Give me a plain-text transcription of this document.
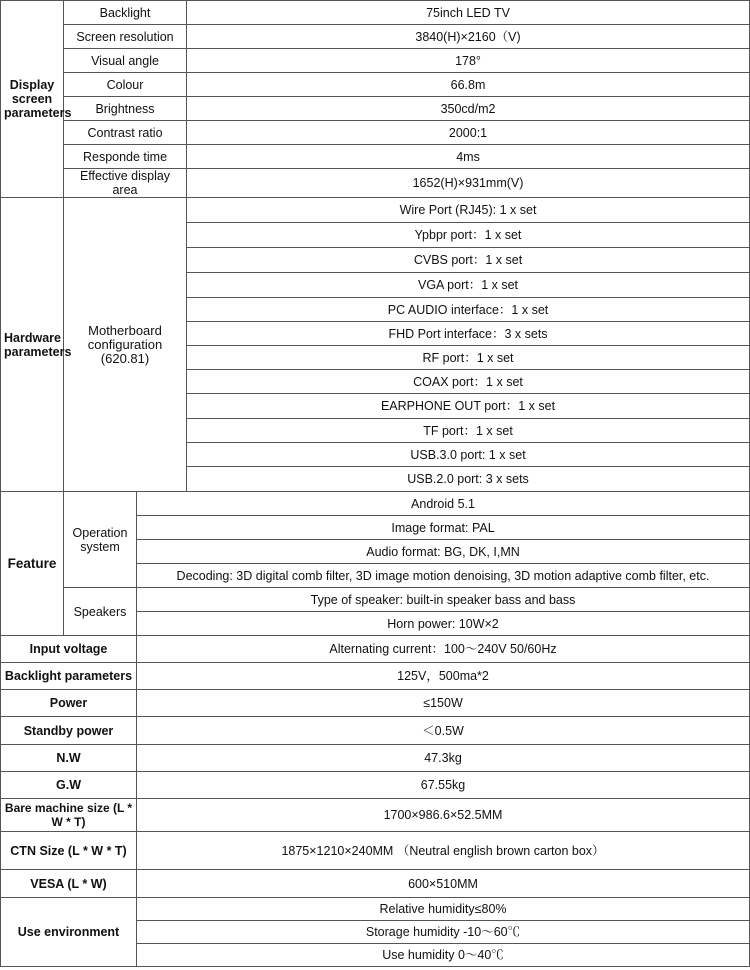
Display screen parameters	Backlight		75inch LED TV
	Screen resolution		3840(H)×2160（V)
	Visual angle		178°
	Colour		66.8m
	Brightness		350cd/m2
	Contrast ratio		2000:1
	Responde time		4ms
	Effective display area		1652(H)×931mm(V)
Hardware parameters	Motherboard configuration (620.81)		Wire Port (RJ45): 1 x set
			Ypbpr port：1 x set
			CVBS port：1 x set
			VGA port：1 x set
			PC AUDIO interface：1 x set
			FHD Port interface：3 x sets
			RF port：1 x set
			COAX port：1 x set
			EARPHONE OUT port：1 x set
			TF port：1 x set
			USB.3.0 port: 1 x set
			USB.2.0 port: 3 x sets
Feature	Operation system	Android 5.1	
		Image format: PAL	
		Audio format: BG, DK, I,MN	
		Decoding: 3D digital comb filter, 3D image motion denoising, 3D motion adaptive comb filter, etc.	
	Speakers	Type of speaker: built-in speaker bass and bass	
		Horn power: 10W×2	
Input voltage		Alternating current：100～240V 50/60Hz	
Backlight parameters		125V，500ma*2	
Power		≤150W	
Standby power		＜0.5W	
N.W		47.3kg	
G.W		67.55kg	
Bare machine size (L * W * T)		1700×986.6×52.5MM	
CTN Size (L * W * T)		1875×1210×240MM （Neutral english brown carton box）	
VESA (L * W)		600×510MM	
Use environment		Relative humidity≤80%	
		Storage humidity -10～60℃	
		Use humidity 0～40℃	
